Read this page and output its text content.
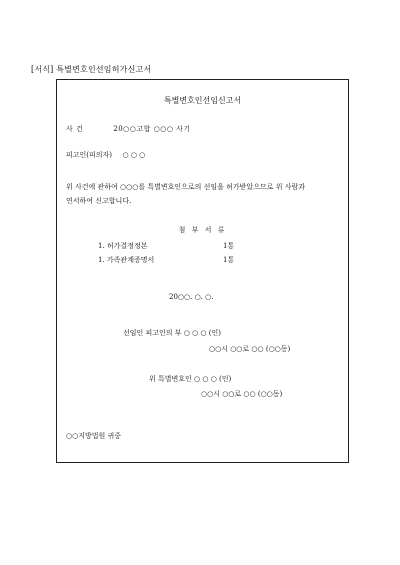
[서식] 특별변호인선임허가신고서
특별변호인선임신고서
사 건	20○○고합 ○○○ 사기
피고인(피의자) ○ ○ ○
위 사건에 관하여 ○○○를 특별변호인으로의 선임을 허가받았으므로 위 사람과
연서하여 신고합니다.
첨 부 서 류
1. 허가결정정본	1통
1. 가족관계증명서	1통
20○○. ○. ○.
선임인 피고인의 부 ○ ○ ○ (인)
○○시 ○○로 ○○ (○○동)
위 특별변호인 ○ ○ ○ (인)
○○시 ○○로 ○○ (○○동)
○○지방법원 귀중
